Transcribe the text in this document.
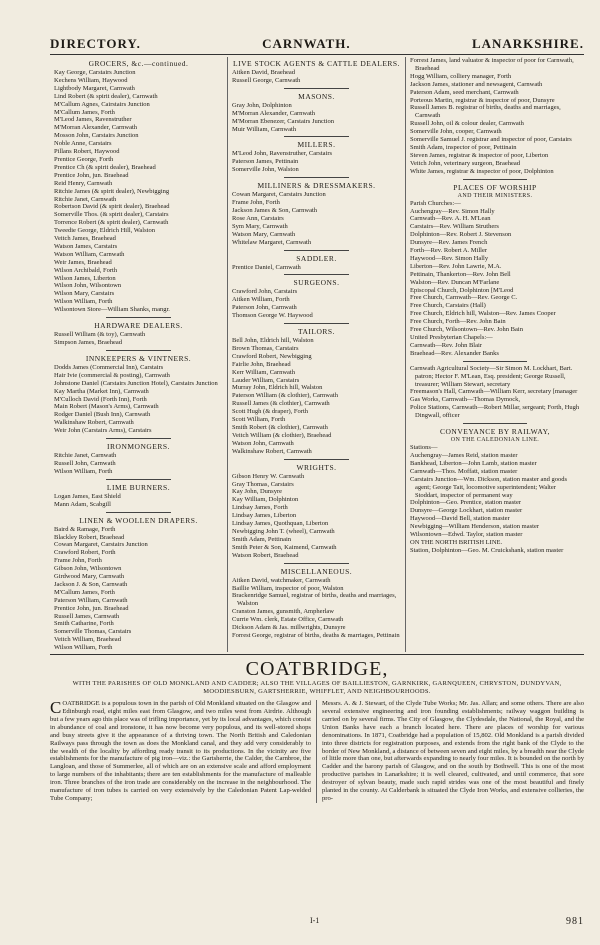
DIRECTORY.	CARNWATH.	LANARKSHIRE.
GROCERS, &c.—continued.
Kay George, Carstairs Junction
Kechens William, Haywood
Lightbody Margaret, Carnwath
Lind Robert (& spirit dealer), Carnwath
M'Callum Agnes, Cairstairs Junction
M'Callum James, Forth
M'Leod James, Ravenstruther
M'Morran Alexander, Carnwath
Mosson John, Carstairs Junction
Noble Anne, Carstairs
Pillans Robert, Haywood
Prentice George, Forth
Prentice Ch (& spirit dealer), Braehead
Prentice John, jun. Braehead
Reid Henry, Carnwath
Ritchie James (& spirit dealer), Newbigging
Ritchie Janet, Carnwath
Robertson David (& spirit dealer), Braehead
Somerville Thos. (& spirit dealer), Carstairs
Torrence Robert (& spirit dealer), Carnwath
Tweedie George, Eldrich Hill, Walston
Veitch James, Braehead
Watson James, Carstairs
Watson William, Carnwath
Weir James, Braehead
Wilson Archibald, Forth
Wilson James, Liberton
Wilson John, Wilsontown
Wilson Mary, Carstairs
Wilson William, Forth
Wilsontown Store—William Shanks, mangr.
HARDWARE DEALERS.
Russell William (& toy), Carnwath
Simpson James, Braehead
INNKEEPERS & VINTNERS.
Dodds James (Commercial Inn), Carstairs
Hair Ivie (commercial & posting), Carnwath
Johnstone Daniel (Carstairs Junction Hotel), Carstairs Junction
Kay Martha (Market Inn), Carnwath
M'Culloch David (Forth Inn), Forth
Main Robert (Mason's Arms), Carnwath
Rodger Daniel (Bush Inn), Carnwath
Walkinshaw Robert, Carnwath
Weir John (Carstairs Arms), Carstairs
IRONMONGERS.
Ritchie Janet, Carnwath
Russell John, Carnwath
Wilson William, Forth
LIME BURNERS.
Logan James, East Shield
Mann Adam, Scabgill
LINEN & WOOLLEN DRAPERS.
Baird & Ramage, Forth
Blackley Robert, Braehead
Cowan Margaret, Carstairs Junction
Crawford Robert, Forth
Frame John, Forth
Gibson John, Wilsontown
Girdwood Mary, Carnwath
Jackson J. & Son, Carnwath
M'Callum James, Forth
Paterson William, Carnwath
Prentice John, jun. Braehead
Russell James, Carnwath
Smith Catharine, Forth
Somerville Thomas, Carstairs
Veitch William, Braehead
Wilson William, Forth
LIVE STOCK AGENTS & CATTLE DEALERS.
Aitken David, Braehead
Russell George, Carnwath
MASONS.
Gray John, Dolphinton
M'Morran Alexander, Carnwath
M'Morran Ebenezer, Carstairs Junction
Muir William, Carnwath
MILLERS.
M'Leod John, Ravenstruther, Carstairs
Paterson James, Pettinain
Somerville John, Walston
MILLINERS & DRESSMAKERS.
Cowan Margaret, Carstairs Junction
Frame John, Forth
Jackson James & Son, Carnwath
Rose Ann, Carstairs
Sym Mary, Carnwath
Watson Mary, Carnwath
Whitelaw Margaret, Carnwath
SADDLER.
Prentice Daniel, Carnwath
SURGEONS.
Crawford John, Carstairs
Aitken William, Forth
Paterson John, Carnwath
Thomson George W. Haywood
TAILORS.
Bell John, Eldrich hill, Walston
Brown Thomas, Carstairs
Crawford Robert, Newbigging
Fairlie John, Braehead
Kerr William, Carnwath
Lauder William, Carstairs
Murray John, Eldrich hill, Walston
Paterson William (& clothier), Carnwath
Russell James (& clothier), Carnwath
Scott Hugh (& draper), Forth
Scott William, Forth
Smith Robert (& clothier), Carnwath
Veitch William (& clothier), Braehead
Watson John, Carnwath
Walkinshaw Robert, Carnwath
WRIGHTS.
Gibson Henry W. Carnwath
Gray Thomas, Carstairs
Kay John, Dunsyre
Kay William, Dolphinton
Lindsay James, Forth
Lindsay James, Liberton
Lindsay James, Quothquan, Liberton
Newbigging John T. (wheel), Carnwath
Smith Adam, Pettinain
Smith Peter & Son, Kaimend, Carnwath
Watson Robert, Braehead
MISCELLANEOUS.
Aitken David, watchmaker, Carnwath
Baillie William, inspector of poor, Walston
Brackenridge Samuel, registrar of births, deaths and marriages, Walston
Cranston James, gunsmith, Ampherlaw
Currie Wm. clerk, Estate Office, Carnwath
Dickson Adam & Jas. millwrights, Dunsyre
Forrest George, registrar of births, deaths & marriages, Pettinain
Forrest James, land valuator & inspector of poor for Carnwath, Braehead
Hogg William, colliery manager, Forth
Jackson James, stationer and newsagent, Carnwath
Paterson Adam, seed merchant, Carnwath
Porteous Martin, registrar & inspector of poor, Dunsyre
Russell James B. registrar of births, deaths and marriages, Carnwath
Russell John, oil & colour dealer, Carnwath
Somerville John, cooper, Carnwath
Somerville Samuel J. registrar and inspector of poor, Carstairs
Smith Adam, inspector of poor, Pettinain
Steven James, registrar & inspector of poor, Liberton
Veitch John, veterinary surgeon, Braehead
White James, registrar & inspector of poor, Dolphinton
PLACES OF WORSHIP
AND THEIR MINISTERS.
Parish Churches:—
Auchengray—Rev. Simon Hally
Carnwath—Rev. A. H. M'Lean
Carstairs—Rev. William Struthers
Dolphinton—Rev. Robert J. Stevenson
Dunsyre—Rev. James French
Forth—Rev. Robert A. Miller
Haywood—Rev. Simon Hally
Liberton—Rev. John Lawrie, M.A.
Pettinain, Thankerton—Rev. John Bell
Walston—Rev. Duncan M'Farlane
Episcopal Church, Dolphinton [M'Leod
Free Church, Carnwath—Rev. George C.
Free Church, Carstairs (Hall)
Free Church, Eldrich hill, Walston—Rev. James Cooper
Free Church, Forth—Rev. John Bain
Free Church, Wilsontown—Rev. John Bain
United Presbyterian Chapels:—
Carnwath—Rev. John Blair
Braehead—Rev. Alexander Banks
Carnwath Agricultural Society—Sir Simon M. Lockhart, Bart. patron; Hector F. M'Lean, Esq. president; George Russell, treasurer; William Stewart, secretary
Freemason's Hall, Carnwath—William Kerr, secretary [manager
Gas Works, Carnwath—Thomas Dymock,
Police Stations, Carnwath—Robert Millar, sergeant; Forth, Hugh Dingwall, officer
CONVEYANCE BY RAILWAY,
ON THE CALEDONIAN LINE.
Stations—
Auchengray—James Reid, station master
Bankhead, Liberton—John Lamb, station master
Carnwath—Thos. Moffatt, station master
Carstairs Junction—Wm. Dickson, station master and goods agent; George Tait, locomotive superintendent; Walter Stoddart, inspector of permanent way
Dolphinton—Geo. Prentice, station master
Dunsyre—George Lockhart, station master
Haywood—David Bell, station master
Newbigging—William Henderson, station master
Wilsontown—Edwd. Taylor, station master
ON THE NORTH BRITISH LINE.
Station, Dolphinton—Geo. M. Cruickshank, station master
COATBRIDGE,
WITH THE PARISHES OF OLD MONKLAND AND CADDER; ALSO THE VILLAGES OF BAILLIESTON, GARNKIRK, GARNQUEEN, CHRYSTON, DUNDYVAN, MOODIESBURN, GARTSHERRIE, WHIFFLET, AND NEIGHBOURHOODS.
COATBRIDGE is a populous town in the parish of Old Monkland situated on the Glasgow and Edinburgh road, eight miles east from Glasgow, and two miles west from Airdrie. Although but a few years ago this place was of trifling importance, yet by its local advantages, which consist in abundance of coal and ironstone, it has now become very populous, and its well-stored shops and busy streets give it the appearance of a thriving town. The North British and Caledonian Railways pass through the town as does the Monkland canal, and they add very considerably to the wealth of the locality by affording ready transit to its productions. In the vicinity are five establishments for the manufacture of pig iron—viz.: the Gartsherrie, the Calder, the Carnbroe, the Langloan, and those of Summerlee, all of which are on an extensive scale and afford employment to large numbers of the inhabitants; there are ten establishments for the manufacture of malleable iron. Three branches of the iron trade are considerably on the increase in the neighbourhood. The manufacture of iron tubes is carried on very extensively by the Caledonian Patent Lap-welded Tube Company;
Messrs. A. & J. Stewart, of the Clyde Tube Works; Mr. Jas. Allan; and some others. There are also several extensive engineering and iron founding establishments; railway waggon building is carried on by several firms. The City of Glasgow, the Clydesdale, the National, the Royal, and the Union Banks have each a branch located here. There are places of worship for various denominations. In 1871, Coatbridge had a population of 15,802. Old Monkland is a parish divided into three districts for registration purposes, and extends from the right bank of the Clyde to the border of New Monkland, a distance of between seven and eight miles, by a breadth near the Clyde of little more than one, but afterwards expanding to nearly four miles. It is bounded on the north by Cadder and the barony parish of Glasgow, and on the south by Bothwell. This is one of the most productive parishes in Lanarkshire; it is well cleared, cultivated, and until commerce, that sore destroyer of sylvan beauty, made such rapid strides was one of the most beautiful and finely planted in the county. At Calderbank is situated the Clyde Iron Works, and extensive collieries, the pro-
I-1	981
